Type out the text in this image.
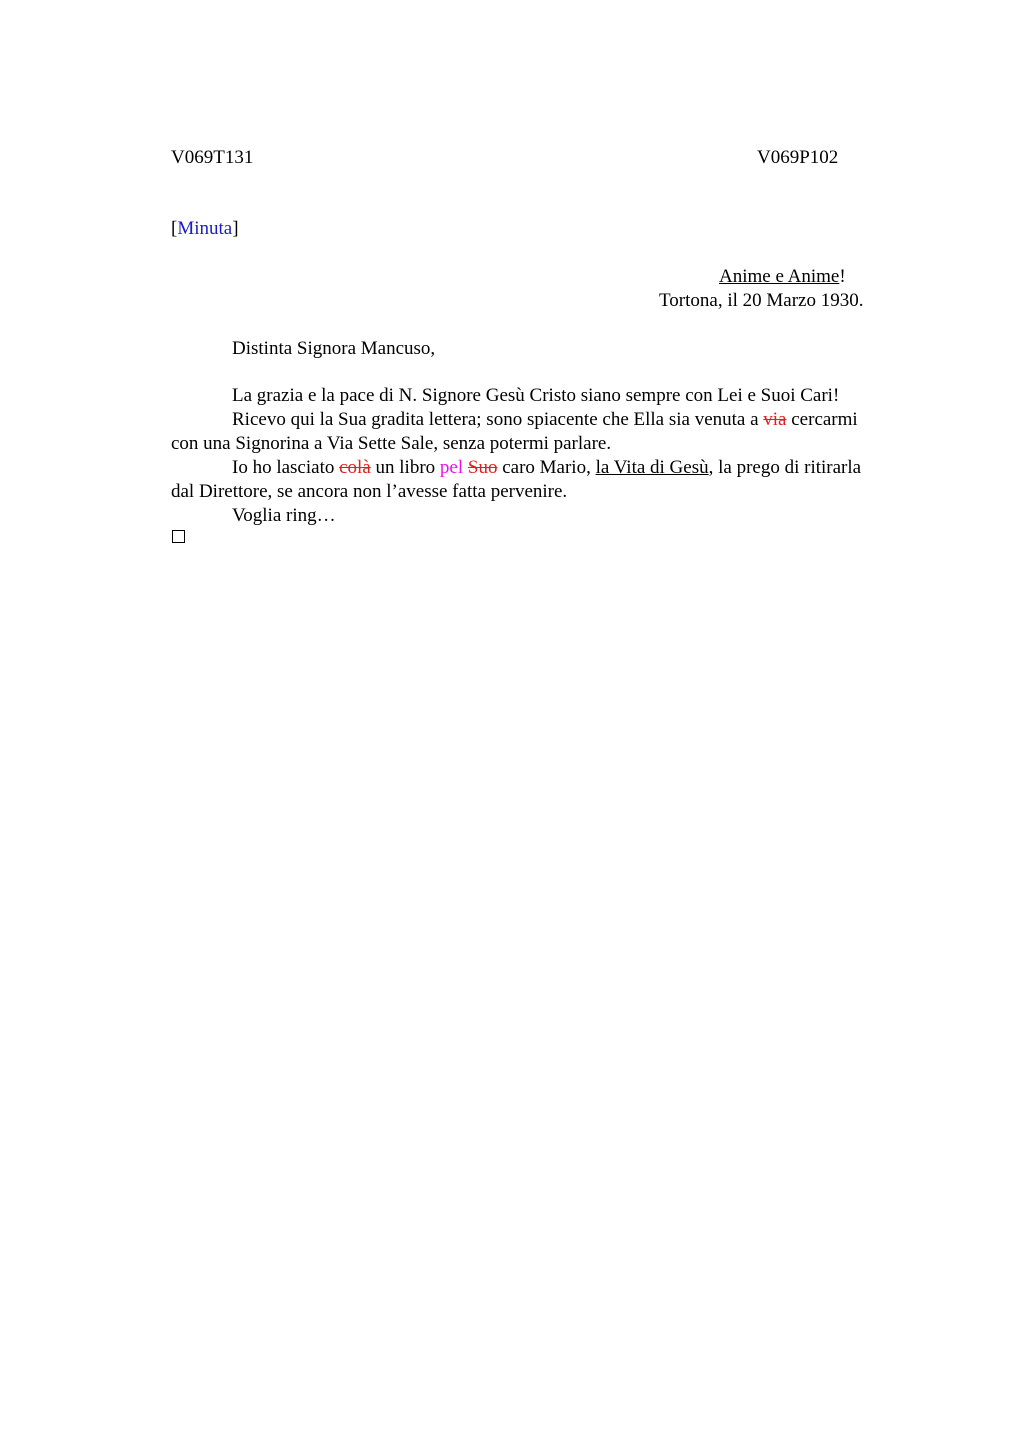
V069T131	V069P102
[Minuta]
Anime e Anime!
Tortona, il 20 Marzo 1930.
Distinta Signora Mancuso,

La grazia e la pace di N. Signore Gesù Cristo siano sempre con Lei e Suoi Cari!

Ricevo qui la Sua gradita lettera; sono spiacente che Ella sia venuta a via cercarmi
con una Signorina a Via Sette Sale, senza potermi parlare.

Io ho lasciato colà un libro pel Suo caro Mario, la Vita di Gesù, la prego di ritirarla
dal Direttore, se ancora non l’avesse fatta pervenire.

Voglia ring…
